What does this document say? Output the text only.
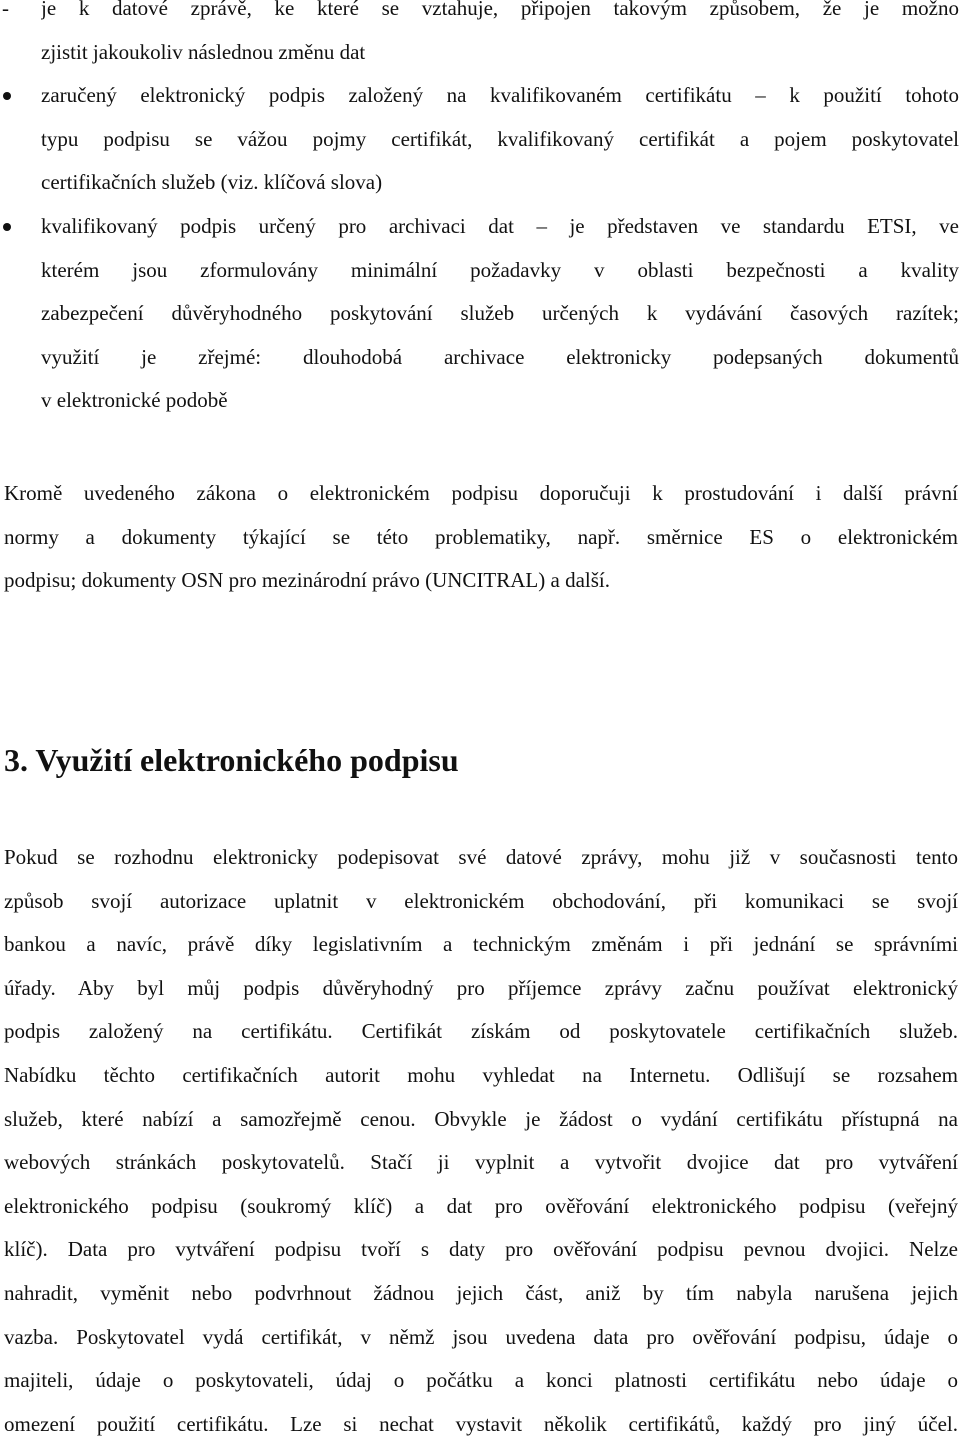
- je k datové zprávě, ke které se vztahuje, připojen takovým způsobem, že je možno
zjistit jakoukoliv následnou změnu dat
zaručený elektronický podpis založený na kvalifikovaném certifikátu – k použití tohoto
typu podpisu se vážou pojmy certifikát, kvalifikovaný certifikát a pojem poskytovatel
certifikačních služeb (viz. klíčová slova)
kvalifikovaný podpis určený pro archivaci dat – je představen ve standardu ETSI, ve
kterém jsou zformulovány minimální požadavky v oblasti bezpečnosti a kvality
zabezpečení důvěryhodného poskytování služeb určených k vydávání časových razítek;
využití je zřejmé: dlouhodobá archivace elektronicky podepsaných dokumentů
v elektronické podobě
Kromě uvedeného zákona o elektronickém podpisu doporučuji k prostudování i další právní
normy a dokumenty týkající se této problematiky, např. směrnice ES o elektronickém
podpisu; dokumenty OSN pro mezinárodní právo (UNCITRAL) a další.
3. Využití elektronického podpisu
Pokud se rozhodnu elektronicky podepisovat své datové zprávy, mohu již v současnosti tento
způsob svojí autorizace uplatnit v elektronickém obchodování, při komunikaci se svojí
bankou a navíc, právě díky legislativním a technickým změnám i při jednání se správními
úřady. Aby byl můj podpis důvěryhodný pro příjemce zprávy začnu používat elektronický
podpis založený na certifikátu. Certifikát získám od poskytovatele certifikačních služeb.
Nabídku těchto certifikačních autorit mohu vyhledat na Internetu. Odlišují se rozsahem
služeb, které nabízí a samozřejmě cenou. Obvykle je žádost o vydání certifikátu přístupná na
webových stránkách poskytovatelů. Stačí ji vyplnit a vytvořit dvojice dat pro vytváření
elektronického podpisu (soukromý klíč) a dat pro ověřování elektronického podpisu (veřejný
klíč). Data pro vytváření podpisu tvoří s daty pro ověřování podpisu pevnou dvojici. Nelze
nahradit, vyměnit nebo podvrhnout žádnou jejich část, aniž by tím nabyla narušena jejich
vazba. Poskytovatel vydá certifikát, v němž jsou uvedena data pro ověřování podpisu, údaje o
majiteli, údaje o poskytovateli, údaj o počátku a konci platnosti certifikátu nebo údaje o
omezení použití certifikátu. Lze si nechat vystavit několik certifikátů, každý pro jiný účel.
